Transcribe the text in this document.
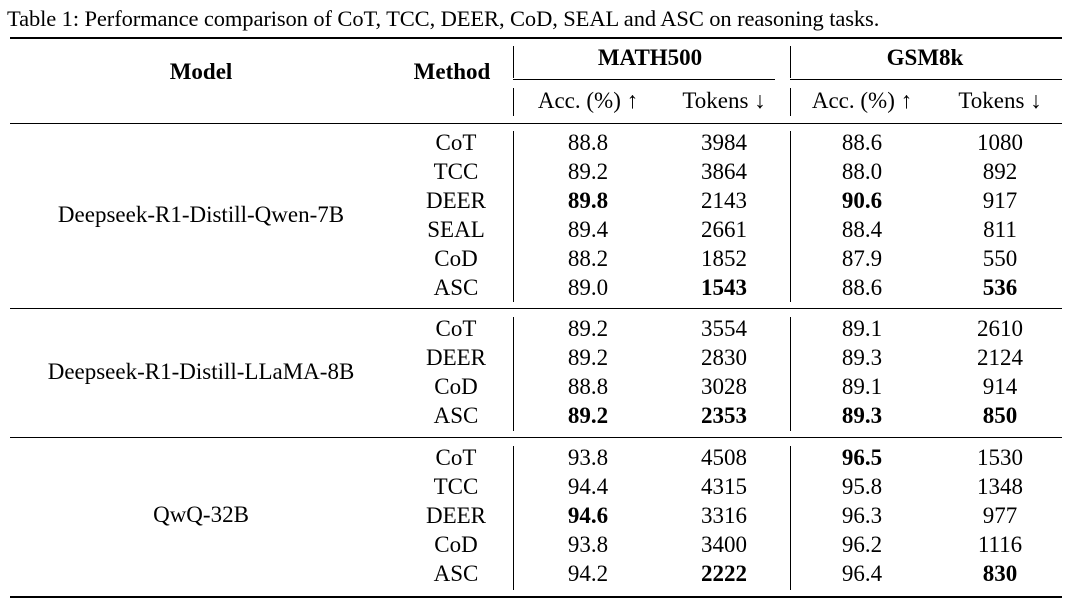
Table 1: Performance comparison of CoT, TCC, DEER, CoD, SEAL and ASC on reasoning tasks.
Model	Method
MATH500	GSM8k
Acc. (%) ↑ Tokens ↓ Acc. (%) ↑ Tokens ↓
Deepseek-R1-Distill-Qwen-7B
CoT	88.8	3984	88.6	1080
TCC	89.2	3864	88.0	892
DEER	89.8	2143	90.6	917
SEAL	89.4	2661	88.4	811
CoD	88.2	1852	87.9	550
ASC	89.0	1543	88.6	536
Deepseek-R1-Distill-LLaMA-8B
CoT	89.2	3554	89.1	2610
DEER	89.2	2830	89.3	2124
CoD	88.8	3028	89.1	914
ASC	89.2	2353	89.3	850
QwQ-32B
CoT	93.8	4508	96.5	1530
TCC	94.4	4315	95.8	1348
DEER	94.6	3316	96.3	977
CoD	93.8	3400	96.2	1116
ASC	94.2	2222	96.4	830
